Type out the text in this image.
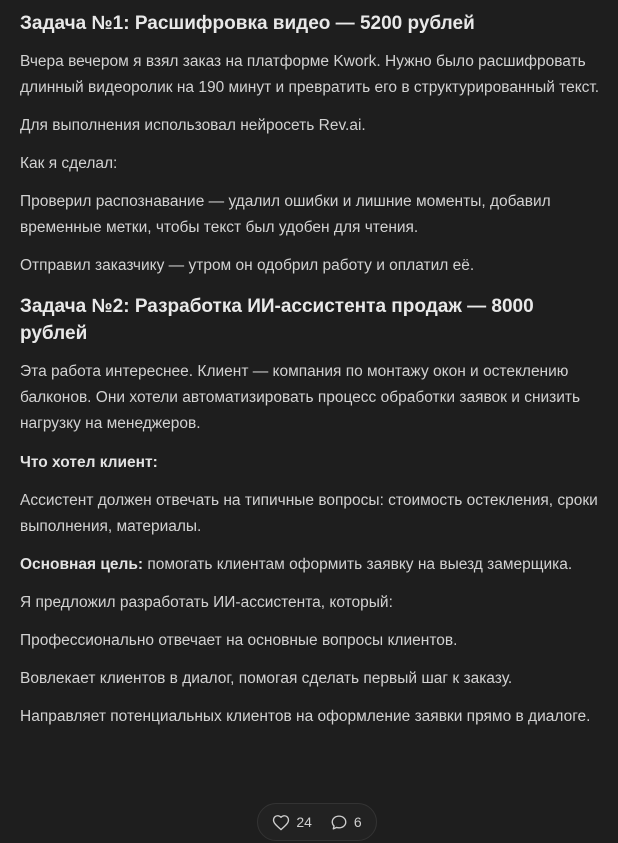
Задача №1: Расшифровка видео — 5200 рублей

Вчера вечером я взял заказ на платформе Kwork. Нужно было расшифровать длинный видеоролик на 190 минут и превратить его в структурированный текст.

Для выполнения использовал нейросеть Rev.ai.

Как я сделал:

Проверил распознавание — удалил ошибки и лишние моменты, добавил временные метки, чтобы текст был удобен для чтения.

Отправил заказчику — утром он одобрил работу и оплатил её.

Задача №2: Разработка ИИ-ассистента продаж — 8000 рублей

Эта работа интереснее. Клиент — компания по монтажу окон и остеклению балконов. Они хотели автоматизировать процесс обработки заявок и снизить нагрузку на менеджеров.

Что хотел клиент:

Ассистент должен отвечать на типичные вопросы: стоимость остекления, сроки выполнения, материалы.

Основная цель: помогать клиентам оформить заявку на выезд замерщика.

Я предложил разработать ИИ-ассистента, который:

Профессионально отвечает на основные вопросы клиентов.

Вовлекает клиентов в диалог, помогая сделать первый шаг к заказу.

Направляет потенциальных клиентов на оформление заявки прямо в диалоге.

24	6
